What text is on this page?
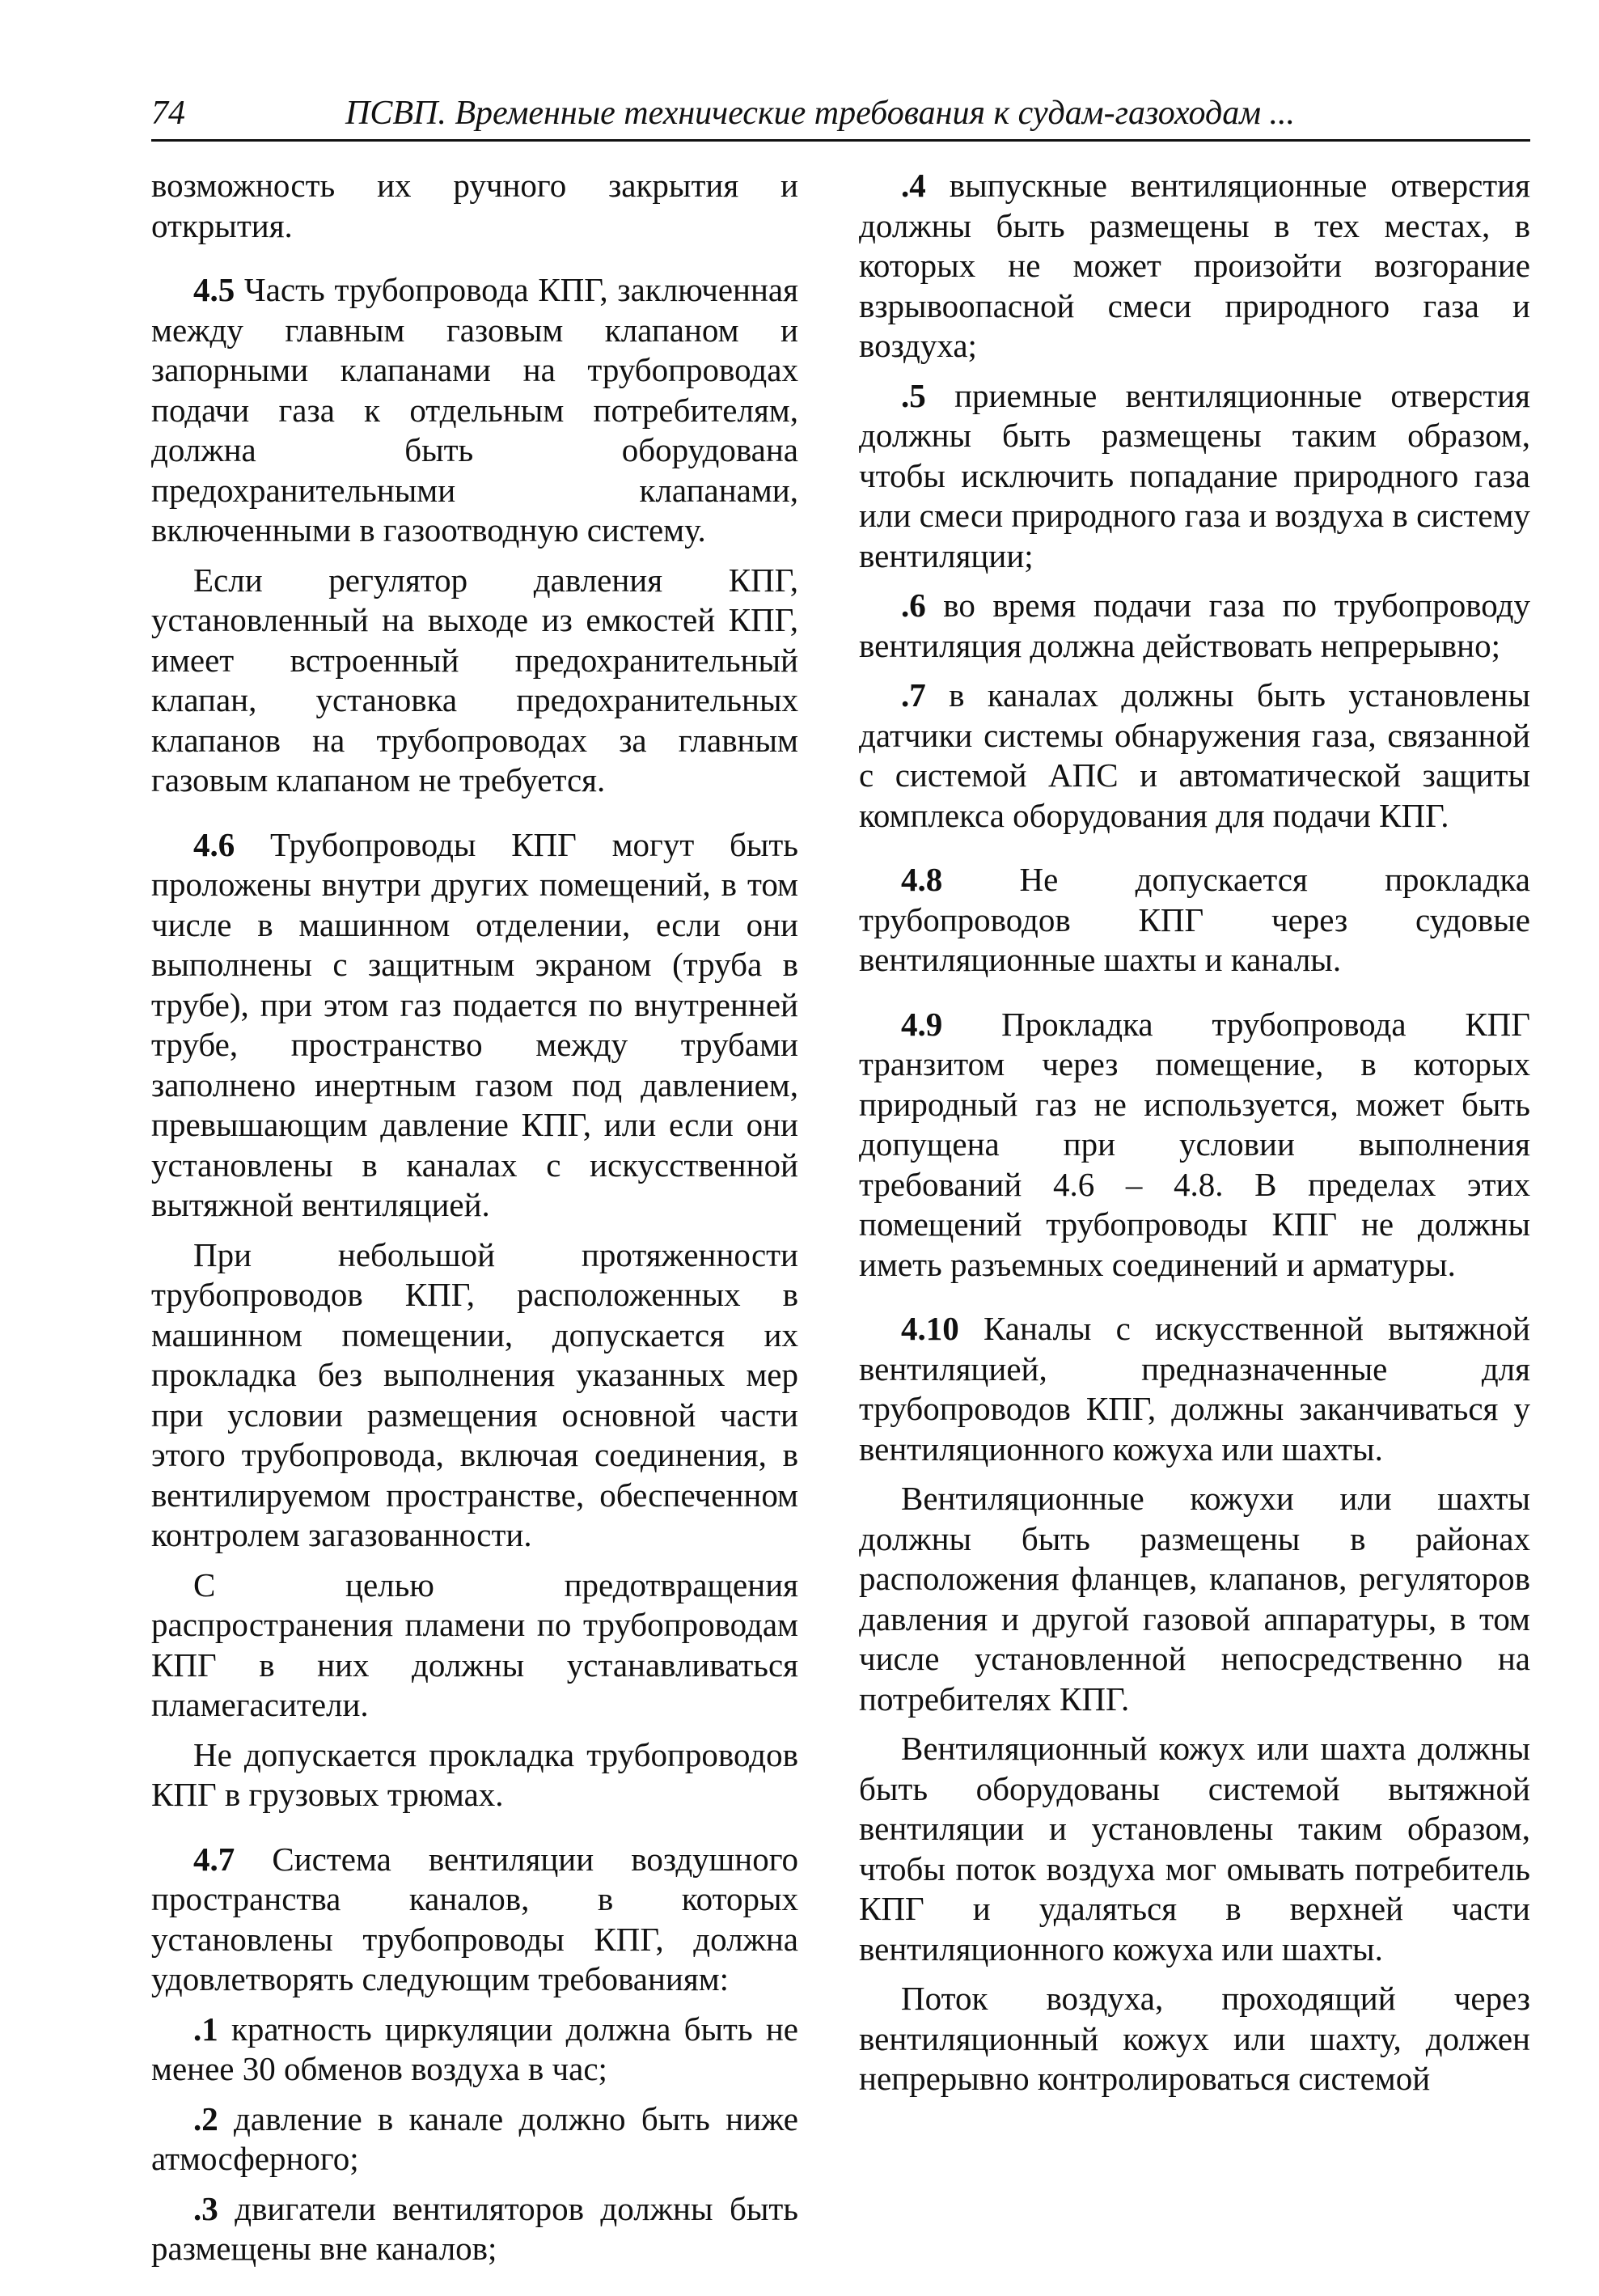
74	ПСВП. Временные технические требования к судам-газоходам ...

возможность их ручного закрытия и открытия.

4.5 Часть трубопровода КПГ, заключенная между главным газовым клапаном и запорными клапанами на трубопроводах подачи газа к отдельным потребителям, должна быть оборудована предохранительными клапанами, включенными в газоотводную систему.

Если регулятор давления КПГ, установленный на выходе из емкостей КПГ, имеет встроенный предохранительный клапан, установка предохранительных клапанов на трубопроводах за главным газовым клапаном не требуется.

4.6 Трубопроводы КПГ могут быть проложены внутри других помещений, в том числе в машинном отделении, если они выполнены с защитным экраном (труба в трубе), при этом газ подается по внутренней трубе, пространство между трубами заполнено инертным газом под давлением, превышающим давление КПГ, или если они установлены в каналах с искусственной вытяжной вентиляцией.

При небольшой протяженности трубопроводов КПГ, расположенных в машинном помещении, допускается их прокладка без выполнения указанных мер при условии размещения основной части этого трубопровода, включая соединения, в вентилируемом пространстве, обеспеченном контролем загазованности.

С целью предотвращения распространения пламени по трубопроводам КПГ в них должны устанавливаться пламегасители.

Не допускается прокладка трубопроводов КПГ в грузовых трюмах.

4.7 Система вентиляции воздушного пространства каналов, в которых установлены трубопроводы КПГ, должна удовлетворять следующим требованиям:

.1 кратность циркуляции должна быть не менее 30 обменов воздуха в час;

.2 давление в канале должно быть ниже атмосферного;

.3 двигатели вентиляторов должны быть размещены вне каналов;

.4 выпускные вентиляционные отверстия должны быть размещены в тех местах, в которых не может произойти возгорание взрывоопасной смеси природного газа и воздуха;

.5 приемные вентиляционные отверстия должны быть размещены таким образом, чтобы исключить попадание природного газа или смеси природного газа и воздуха в систему вентиляции;

.6 во время подачи газа по трубопроводу вентиляция должна действовать непрерывно;

.7 в каналах должны быть установлены датчики системы обнаружения газа, связанной с системой АПС и автоматической защиты комплекса оборудования для подачи КПГ.

4.8 Не допускается прокладка трубопроводов КПГ через судовые вентиляционные шахты и каналы.

4.9 Прокладка трубопровода КПГ транзитом через помещение, в которых природный газ не используется, может быть допущена при условии выполнения требований 4.6 – 4.8. В пределах этих помещений трубопроводы КПГ не должны иметь разъемных соединений и арматуры.

4.10 Каналы с искусственной вытяжной вентиляцией, предназначенные для трубопроводов КПГ, должны заканчиваться у вентиляционного кожуха или шахты.

Вентиляционные кожухи или шахты должны быть размещены в районах расположения фланцев, клапанов, регуляторов давления и другой газовой аппаратуры, в том числе установленной непосредственно на потребителях КПГ.

Вентиляционный кожух или шахта должны быть оборудованы системой вытяжной вентиляции и установлены таким образом, чтобы поток воздуха мог омывать потребитель КПГ и удаляться в верхней части вентиляционного кожуха или шахты.

Поток воздуха, проходящий через вентиляционный кожух или шахту, должен непрерывно контролироваться системой
